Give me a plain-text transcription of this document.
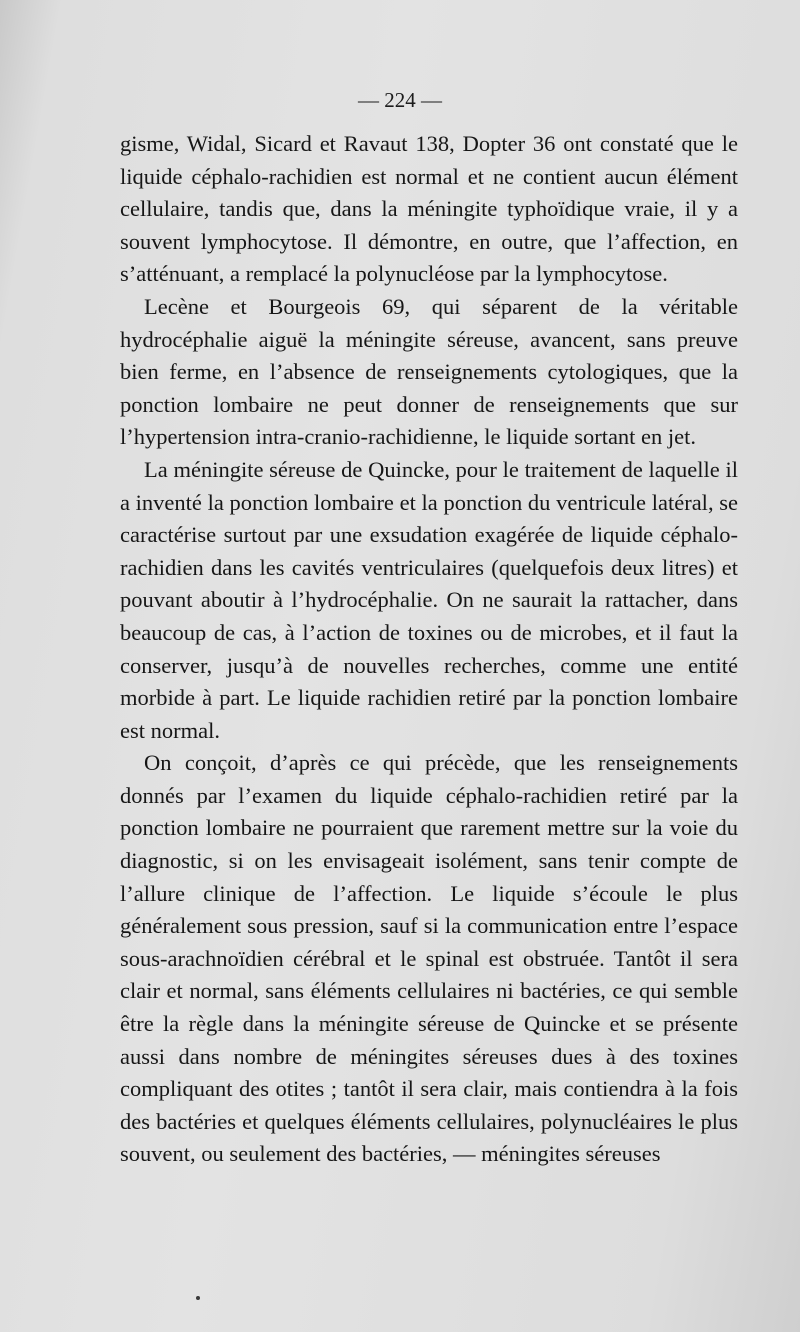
— 224 —

gisme, Widal, Sicard et Ravaut 138, Dopter 36 ont constaté que le liquide céphalo-rachidien est normal et ne contient aucun élément cellulaire, tandis que, dans la méningite typhoïdique vraie, il y a souvent lymphocytose. Il démontre, en outre, que l’affection, en s’atténuant, a remplacé la polynucléose par la lymphocytose.

Lecène et Bourgeois 69, qui séparent de la véritable hydrocéphalie aiguë la méningite séreuse, avancent, sans preuve bien ferme, en l’absence de renseignements cytologiques, que la ponction lombaire ne peut donner de renseignements que sur l’hypertension intra-cranio-rachidienne, le liquide sortant en jet.

La méningite séreuse de Quincke, pour le traitement de laquelle il a inventé la ponction lombaire et la ponction du ventricule latéral, se caractérise surtout par une exsudation exagérée de liquide céphalo-rachidien dans les cavités ventriculaires (quelquefois deux litres) et pouvant aboutir à l’hydrocéphalie. On ne saurait la rattacher, dans beaucoup de cas, à l’action de toxines ou de microbes, et il faut la conserver, jusqu’à de nouvelles recherches, comme une entité morbide à part. Le liquide rachidien retiré par la ponction lombaire est normal.

On conçoit, d’après ce qui précède, que les renseignements donnés par l’examen du liquide céphalo-rachidien retiré par la ponction lombaire ne pourraient que rarement mettre sur la voie du diagnostic, si on les envisageait isolément, sans tenir compte de l’allure clinique de l’affection. Le liquide s’écoule le plus généralement sous pression, sauf si la communication entre l’espace sous-arachnoïdien cérébral et le spinal est obstruée. Tantôt il sera clair et normal, sans éléments cellulaires ni bactéries, ce qui semble être la règle dans la méningite séreuse de Quincke et se présente aussi dans nombre de méningites séreuses dues à des toxines compliquant des otites ; tantôt il sera clair, mais contiendra à la fois des bactéries et quelques éléments cellulaires, polynucléaires le plus souvent, ou seulement des bactéries, — méningites séreuses
